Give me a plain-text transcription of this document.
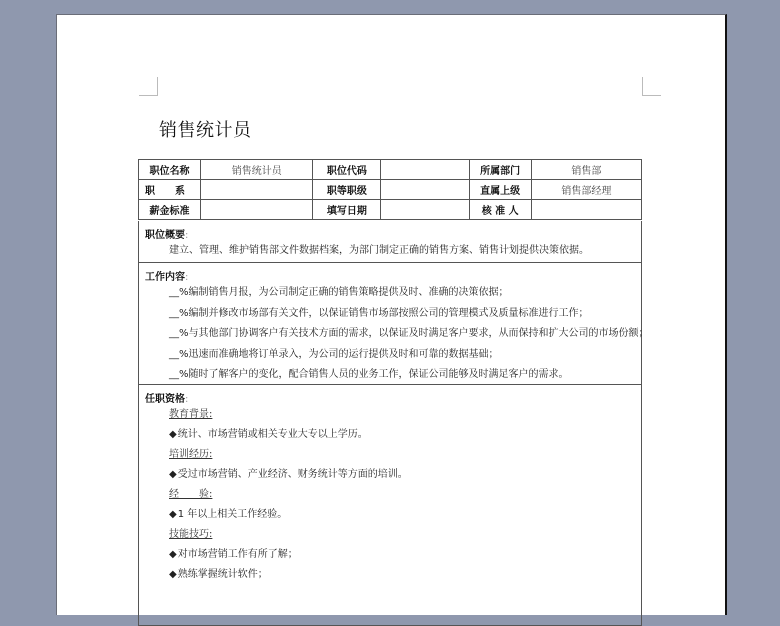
销售统计员
职位名称	销售统计员	职位代码		所属部门	销售部
职　　系		职等职级		直属上级	销售部经理
薪金标准		填写日期		核 准 人	
职位概要:
建立、管理、维护销售部文件数据档案，为部门制定正确的销售方案、销售计划提供决策依据。
工作内容:
__%编制销售月报，为公司制定正确的销售策略提供及时、准确的决策依据；
__%编制并修改市场部有关文件，以保证销售市场部按照公司的管理模式及质量标准进行工作；
__%与其他部门协调客户有关技术方面的需求，以保证及时满足客户要求，从而保持和扩大公司的市场份额；
__%迅速而准确地将订单录入，为公司的运行提供及时和可靠的数据基础；
__%随时了解客户的变化，配合销售人员的业务工作，保证公司能够及时满足客户的需求。
任职资格:
教育背景:
◆统计、市场营销或相关专业大专以上学历。
培训经历:
◆受过市场营销、产业经济、财务统计等方面的培训。
经　　验:
◆1 年以上相关工作经验。
技能技巧:
◆对市场营销工作有所了解；
◆熟练掌握统计软件；
